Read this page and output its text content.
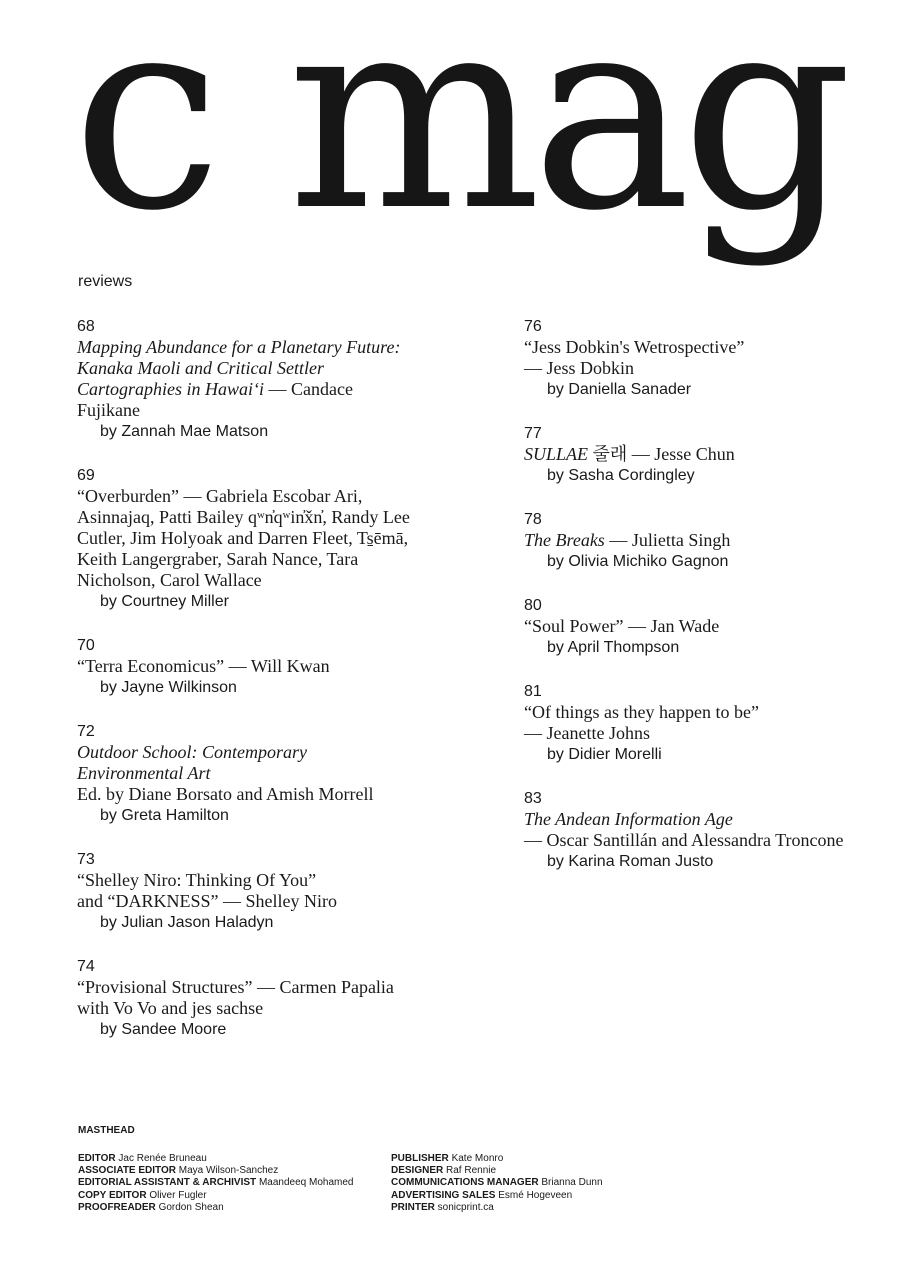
c mag
reviews
68
Mapping Abundance for a Planetary Future: Kanaka Maoli and Critical Settler Cartographies in Hawai‘i — Candace Fujikane
by Zannah Mae Matson
69
“Overburden” — Gabriela Escobar Ari, Asinnajaq, Patti Bailey qʷn̓qʷin̓x̌n̓, Randy Lee Cutler, Jim Holyoak and Darren Fleet, Ts̱ēmā, Keith Langergraber, Sarah Nance, Tara Nicholson, Carol Wallace
by Courtney Miller
70
“Terra Economicus” — Will Kwan
by Jayne Wilkinson
72
Outdoor School: Contemporary Environmental Art
Ed. by Diane Borsato and Amish Morrell
by Greta Hamilton
73
“Shelley Niro: Thinking Of You”
and “DARKNESS” — Shelley Niro
by Julian Jason Haladyn
74
“Provisional Structures” — Carmen Papalia with Vo Vo and jes sachse
by Sandee Moore
76
“Jess Dobkin's Wetrospective”
— Jess Dobkin
by Daniella Sanader
77
SULLAE 줄래 — Jesse Chun
by Sasha Cordingley
78
The Breaks — Julietta Singh
by Olivia Michiko Gagnon
80
“Soul Power” — Jan Wade
by April Thompson
81
“Of things as they happen to be”
— Jeanette Johns
by Didier Morelli
83
The Andean Information Age
— Oscar Santillán and Alessandra Troncone
by Karina Roman Justo
MASTHEAD
EDITOR Jac Renée Bruneau
ASSOCIATE EDITOR Maya Wilson-Sanchez
EDITORIAL ASSISTANT & ARCHIVIST Maandeeq Mohamed
COPY EDITOR Oliver Fugler
PROOFREADER Gordon Shean
PUBLISHER Kate Monro
DESIGNER Raf Rennie
COMMUNICATIONS MANAGER Brianna Dunn
ADVERTISING SALES Esmé Hogeveen
PRINTER sonicprint.ca
